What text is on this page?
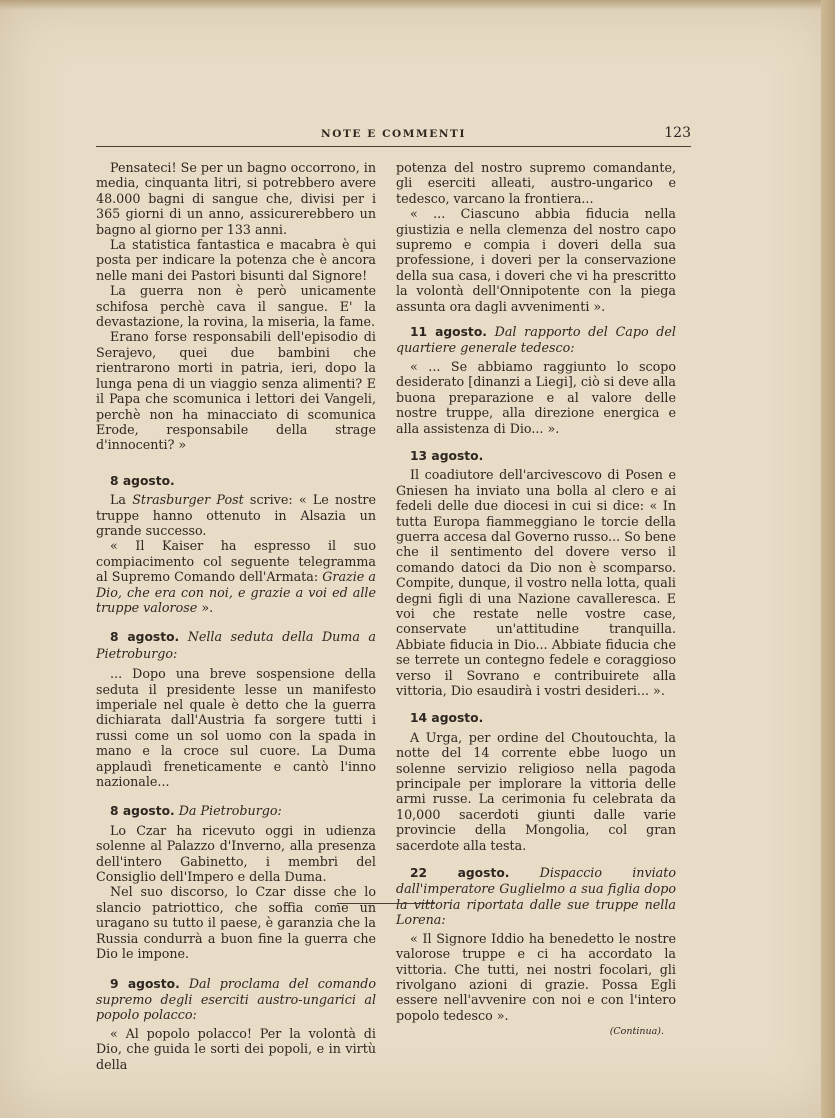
NOTE E COMMENTI	123

Pensateci! Se per un bagno occorrono, in media, cinquanta litri, si potrebbero avere 48.000 bagni di sangue che, divisi per i 365 giorni di un anno, assicurerebbero un bagno al giorno per 133 anni.

La statistica fantastica e macabra è qui posta per indicare la potenza che è ancora nelle mani dei Pastori bisunti dal Signore!

La guerra non è però unicamente schifosa perchè cava il sangue. E' la devastazione, la rovina, la miseria, la fame.

Erano forse responsabili dell'episodio di Serajevo, quei due bambini che rientrarono morti in patria, ieri, dopo la lunga pena di un viaggio senza alimenti? E il Papa che scomunica i lettori dei Vangeli, perchè non ha minacciato di scomunica Erode, responsabile della strage d'innocenti? »

8 agosto.

La Strasburger Post scrive: « Le nostre truppe hanno ottenuto in Alsazia un grande successo.

« Il Kaiser ha espresso il suo compiacimento col seguente telegramma al Supremo Comando dell'Armata: Grazie a Dio, che era con noi, e grazie a voi ed alle truppe valorose ».

8 agosto. Nella seduta della Duma a Pietroburgo:

... Dopo una breve sospensione della seduta il presidente lesse un manifesto imperiale nel quale è detto che la guerra dichiarata dall'Austria fa sorgere tutti i russi come un sol uomo con la spada in mano e la croce sul cuore. La Duma applaudì freneticamente e cantò l'inno nazionale...

8 agosto. Da Pietroburgo:

Lo Czar ha ricevuto oggi in udienza solenne al Palazzo d'Inverno, alla presenza dell'intero Gabinetto, i membri del Consiglio dell'Impero e della Duma.

Nel suo discorso, lo Czar disse che lo slancio patriottico, che soffia come un uragano su tutto il paese, è garanzia che la Russia condurrà a buon fine la guerra che Dio le impone.

9 agosto. Dal proclama del comando supremo degli eserciti austro-ungarici al popolo polacco:

« Al popolo polacco! Per la volontà di Dio, che guida le sorti dei popoli, e in virtù della

potenza del nostro supremo comandante, gli eserciti alleati, austro-ungarico e tedesco, varcano la frontiera...

« ... Ciascuno abbia fiducia nella giustizia e nella clemenza del nostro capo supremo e compia i doveri della sua professione, i doveri per la conservazione della sua casa, i doveri che vi ha prescritto la volontà dell'Onnipotente con la piega assunta ora dagli avvenimenti ».

11 agosto. Dal rapporto del Capo del quartiere generale tedesco:

« ... Se abbiamo raggiunto lo scopo desiderato [dinanzi a Liegi], ciò si deve alla buona preparazione e al valore delle nostre truppe, alla direzione energica e alla assistenza di Dio... ».

13 agosto.

Il coadiutore dell'arcivescovo di Posen e Gniesen ha inviato una bolla al clero e ai fedeli delle due diocesi in cui si dice: « In tutta Europa fiammeggiano le torcie della guerra accesa dal Governo russo... So bene che il sentimento del dovere verso il comando datoci da Dio non è scomparso. Compite, dunque, il vostro nella lotta, quali degni figli di una Nazione cavalleresca. E voi che restate nelle vostre case, conservate un'attitudine tranquilla. Abbiate fiducia in Dio... Abbiate fiducia che se terrete un contegno fedele e coraggioso verso il Sovrano e contribuirete alla vittoria, Dio esaudirà i vostri desideri... ».

14 agosto.

A Urga, per ordine del Choutouchta, la notte del 14 corrente ebbe luogo un solenne servizio religioso nella pagoda principale per implorare la vittoria delle armi russe. La cerimonia fu celebrata da 10,000 sacerdoti giunti dalle varie provincie della Mongolia, col gran sacerdote alla testa.

22 agosto. Dispaccio inviato dall'imperatore Guglielmo a sua figlia dopo la vittoria riportata dalle sue truppe nella Lorena:

« Il Signore Iddio ha benedetto le nostre valorose truppe e ci ha accordato la vittoria. Che tutti, nei nostri focolari, gli rivolgano azioni di grazie. Possa Egli essere nell'avvenire con noi e con l'intero popolo tedesco ».

(Continua).
